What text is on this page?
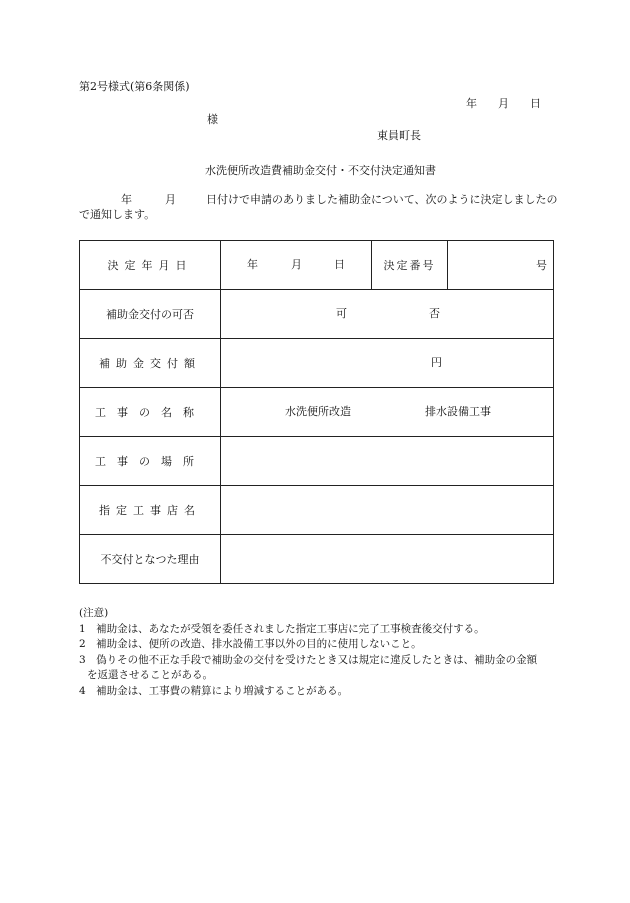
第2号様式(第6条関係)
年 月 日
様
東員町長
水洗便所改造費補助金交付・不交付決定通知書
年	月	日付けで申請のありました補助金について、次のように決定しましたの
で通知します。
決定年月日	年 月 日	決定番号	号
補助金交付の可否	可 否		

補助金交付額	円		

工事の名称	水洗便所改造 排水設備工事		

工事の場所			
指定工事店名			
不交付となつた理由			
(注意)
1　補助金は、あなたが受領を委任されました指定工事店に完了工事検査後交付する。
2　補助金は、便所の改造、排水設備工事以外の目的に使用しないこと。
3　偽りその他不正な手段で補助金の交付を受けたとき又は規定に違反したときは、補助金の金額
を返還させることがある。
4　補助金は、工事費の精算により増減することがある。
